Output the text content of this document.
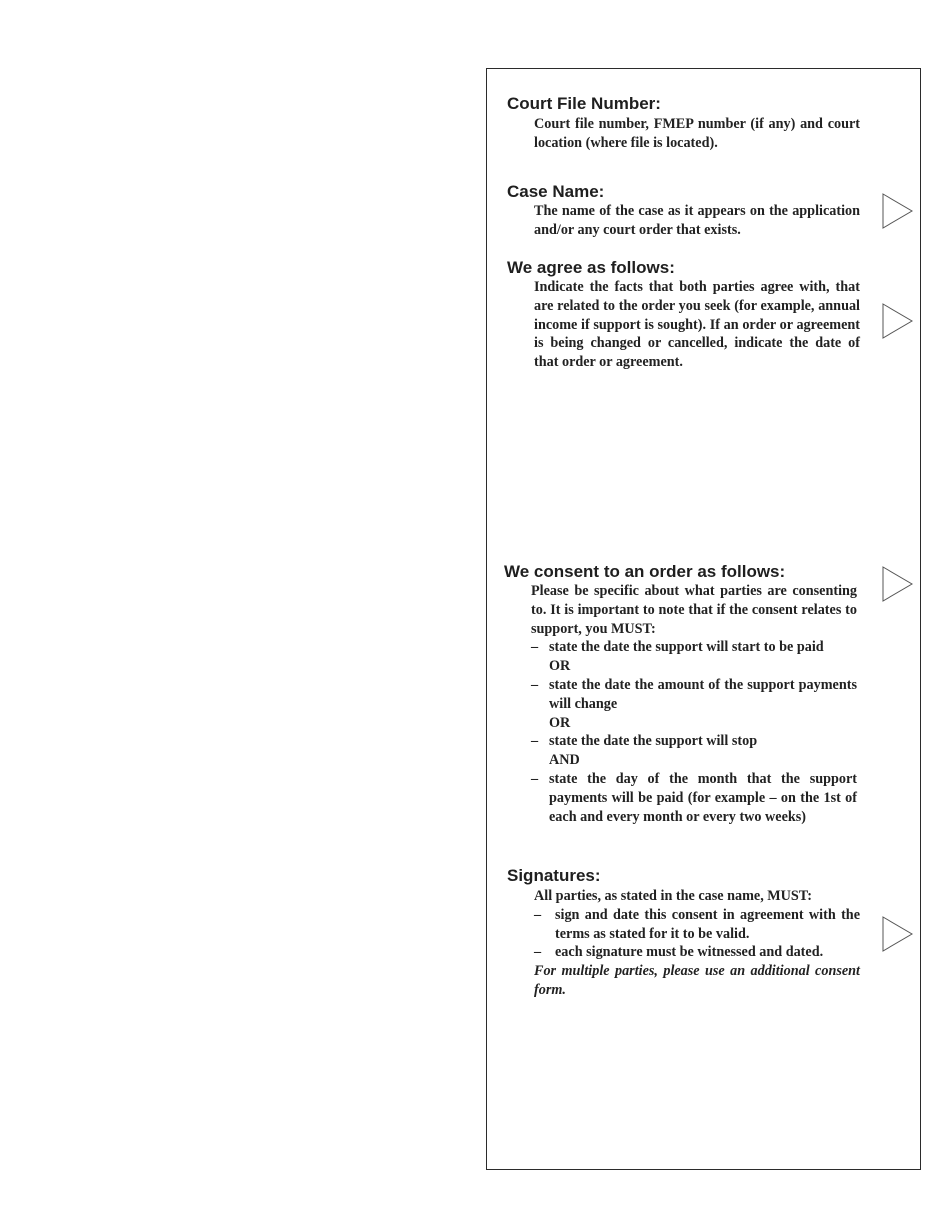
Court File Number:

Court file number, FMEP number (if any) and court location (where file is located).

Case Name:

The name of the case as it appears on the application and/or any court order that exists.

We agree as follows:

Indicate the facts that both parties agree with, that are related to the order you seek (for example, annual income if support is sought). If an order or agreement is being changed or cancelled, indicate the date of that order or agreement.

We consent to an order as follows:

Please be specific about what parties are consenting to. It is important to note that if the consent relates to support, you MUST:

– state the date the support will start to be paid
OR
– state the date the amount of the support payments will change
OR
– state the date the support will stop
AND
– state the day of the month that the support payments will be paid (for example – on the 1st of each and every month or every two weeks)
Signatures:

All parties, as stated in the case name, MUST:

– sign and date this consent in agreement with the terms as stated for it to be valid.
– each signature must be witnessed and dated.

For multiple parties, please use an additional consent form.
